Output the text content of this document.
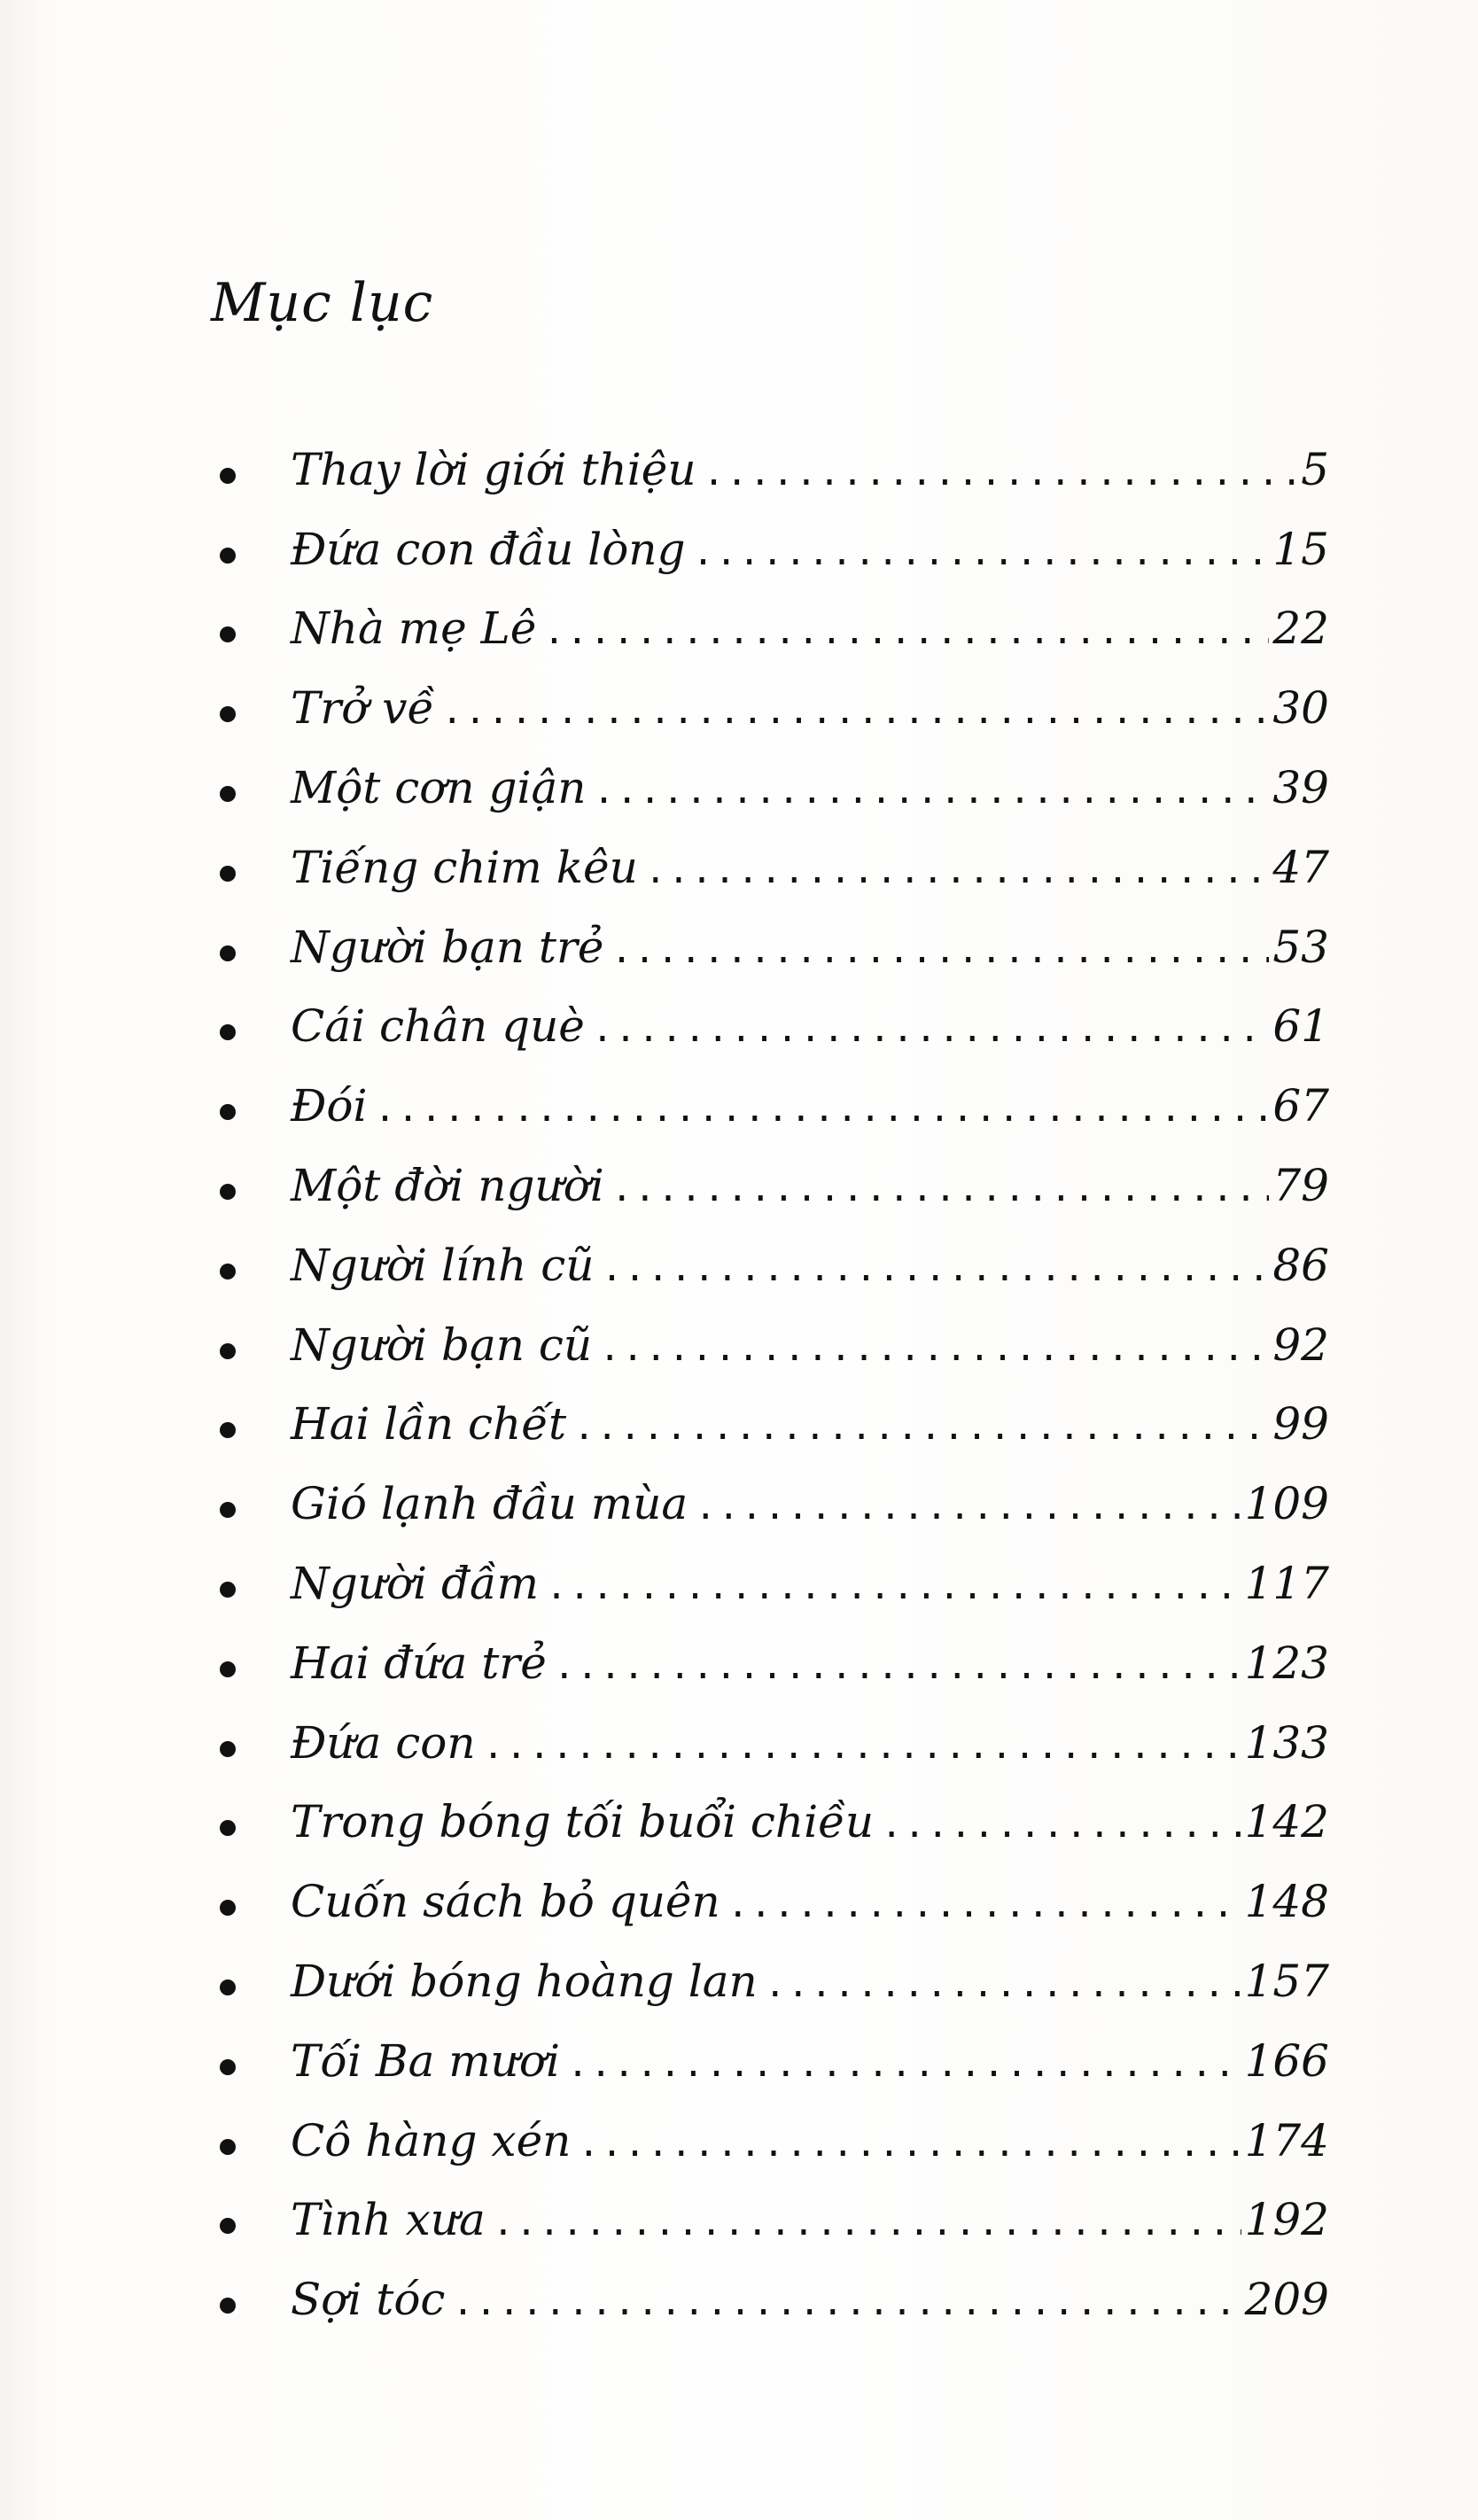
Mục lục
Thay lời giới thiệu .....	5
Đứa con đầu lòng .....	15
Nhà mẹ Lê .....	22
Trở về .....	30
Một cơn giận .....	39
Tiếng chim kêu .....	47
Người bạn trẻ .....	53
Cái chân què .....	61
Đói .....	67
Một đời người .....	79
Người lính cũ .....	86
Người bạn cũ .....	92
Hai lần chết .....	99
Gió lạnh đầu mùa .....	109
Người đầm .....	117
Hai đứa trẻ .....	123
Đứa con .....	133
Trong bóng tối buổi chiều .....	142
Cuốn sách bỏ quên .....	148
Dưới bóng hoàng lan .....	157
Tối Ba mươi .....	166
Cô hàng xén .....	174
Tình xưa .....	192
Sợi tóc .....	209
